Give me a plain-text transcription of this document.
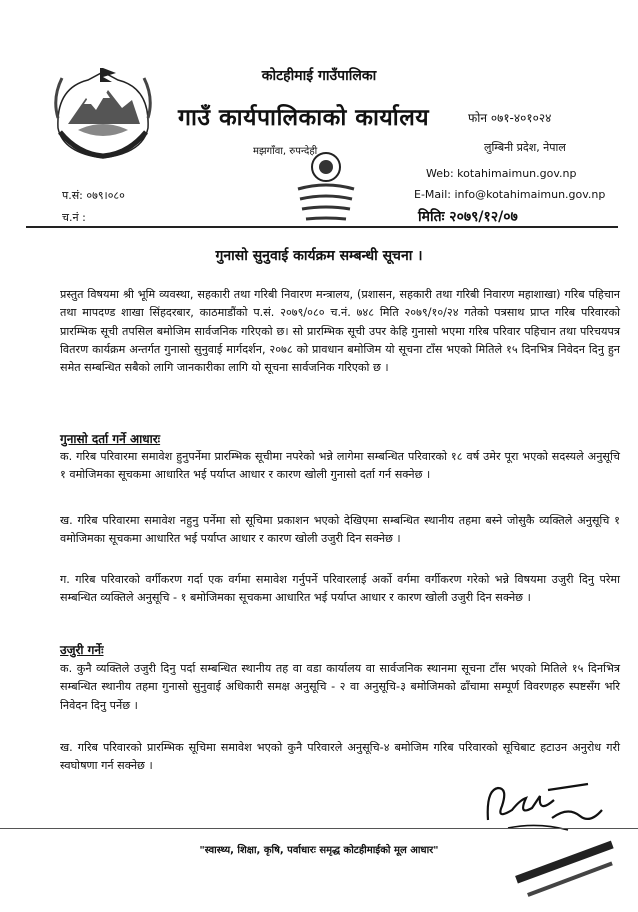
कोटहीमाई गाउँपालिका
गाउँ कार्यपालिकाको कार्यालय	फोन ०७१-४०१०२४
मझगाँवा, रुपन्देही	लुम्बिनी प्रदेश, नेपाल
Web: kotahimaimun.gov.np
E-Mail: info@kotahimaimun.gov.np
प.सं: ०७९।०८०
च.नं :	मितिः २०७९/१२/०७
गुनासो सुनुवाई कार्यक्रम सम्बन्धी सूचना ।

प्रस्तुत विषयमा श्री भूमि व्यवस्था, सहकारी तथा गरिबी निवारण मन्त्रालय, (प्रशासन, सहकारी तथा गरिबी निवारण महाशाखा) गरिब पहिचान तथा मापदण्ड शाखा सिंहदरबार, काठमाडौंको प.सं. २०७९/०८० च.नं. ७४८ मिति २०७९/१०/२४ गतेको पत्रसाथ प्राप्त गरिब परिवारको प्रारम्भिक सूची तपसिल बमोजिम सार्वजनिक गरिएको छ। सो प्रारम्भिक सूची उपर केहि गुनासो भएमा गरिब परिवार पहिचान तथा परिचयपत्र वितरण कार्यक्रम अन्तर्गत गुनासो सुनुवाई मार्गदर्शन, २०७८ को प्रावधान बमोजिम यो सूचना टाँस भएको मितिले १५ दिनभित्र निवेदन दिनु हुन समेत सम्बन्धित सबैको लागि जानकारीका लागि यो सूचना सार्वजनिक गरिएको छ ।

गुनासो दर्ता गर्ने आधारः

क. गरिब परिवारमा समावेश हुनुपर्नेमा प्रारम्भिक सूचीमा नपरेको भन्ने लागेमा सम्बन्धित परिवारको १८ वर्ष उमेर पूरा भएको सदस्यले अनुसूचि १ वमोजिमका सूचकमा आधारित भई पर्याप्त आधार र कारण खोली गुनासो दर्ता गर्न सक्नेछ ।

ख. गरिब परिवारमा समावेश नहुनु पर्नेमा सो सूचिमा प्रकाशन भएको देखिएमा सम्बन्धित स्थानीय तहमा बस्ने जोसुकै व्यक्तिले अनुसूचि १ वमोजिमका सूचकमा आधारित भई पर्याप्त आधार र कारण खोली उजुरी दिन सक्नेछ ।

ग. गरिब परिवारको वर्गीकरण गर्दा एक वर्गमा समावेश गर्नुपर्ने परिवारलाई अर्को वर्गमा वर्गीकरण गरेको भन्ने विषयमा उजुरी दिनु परेमा सम्बन्धित व्यक्तिले अनुसूचि - १ बमोजिमका सूचकमा आधारित भई पर्याप्त आधार र कारण खोली उजुरी दिन सक्नेछ ।

उजुरी गर्नेः

क. कुनै व्यक्तिले उजुरी दिनु पर्दा सम्बन्धित स्थानीय तह वा वडा कार्यालय वा सार्वजनिक स्थानमा सूचना टाँस भएको मितिले १५ दिनभित्र सम्बन्धित स्थानीय तहमा गुनासो सुनुवाई अधिकारी समक्ष अनुसूचि - २ वा अनुसूचि-३ बमोजिमको ढाँचामा सम्पूर्ण विवरणहरु स्पष्टसँग भरि निवेदन दिनु पर्नेछ ।

ख. गरिब परिवारको प्रारम्भिक सूचिमा समावेश भएको कुनै परिवारले अनुसूचि-४ बमोजिम गरिब परिवारको सूचिबाट हटाउन अनुरोध गरी स्वघोषणा गर्न सक्नेछ ।

"स्वास्थ्य, शिक्षा, कृषि, पर्वाधारः समृद्ध कोटहीमाईको मूल आधार"
